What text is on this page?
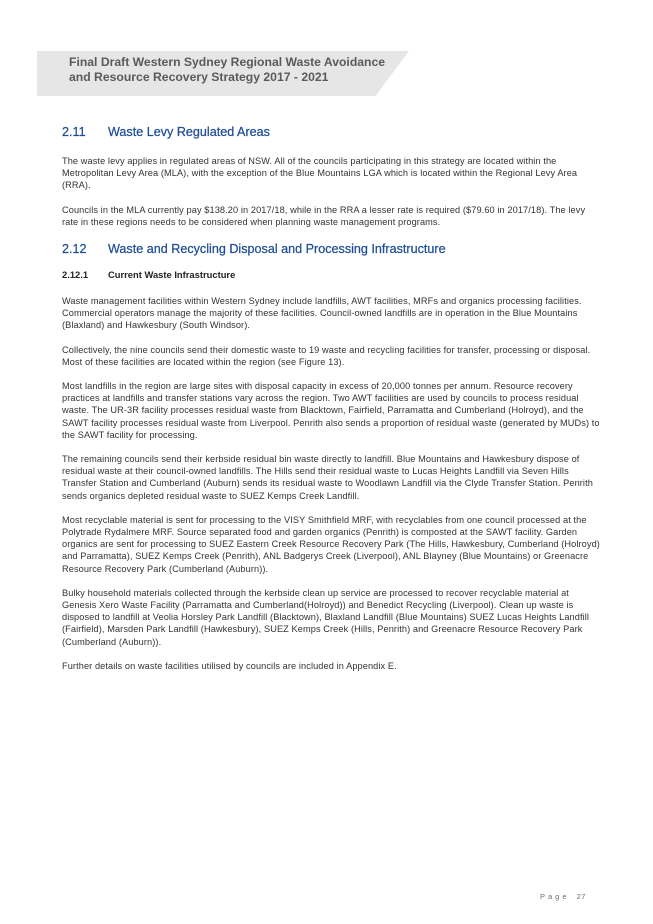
Final Draft Western Sydney Regional Waste Avoidance
and Resource Recovery Strategy 2017 - 2021
2.11 Waste Levy Regulated Areas

The waste levy applies in regulated areas of NSW. All of the councils participating in this strategy are located within the Metropolitan Levy Area (MLA), with the exception of the Blue Mountains LGA which is located within the Regional Levy Area (RRA).

Councils in the MLA currently pay $138.20 in 2017/18, while in the RRA a lesser rate is required ($79.60 in 2017/18). The levy rate in these regions needs to be considered when planning waste management programs.

2.12 Waste and Recycling Disposal and Processing Infrastructure
2.12.1 Current Waste Infrastructure

Waste management facilities within Western Sydney include landfills, AWT facilities, MRFs and organics processing facilities. Commercial operators manage the majority of these facilities. Council-owned landfills are in operation in the Blue Mountains (Blaxland) and Hawkesbury (South Windsor).

Collectively, the nine councils send their domestic waste to 19 waste and recycling facilities for transfer, processing or disposal. Most of these facilities are located within the region (see Figure 13).

Most landfills in the region are large sites with disposal capacity in excess of 20,000 tonnes per annum. Resource recovery practices at landfills and transfer stations vary across the region. Two AWT facilities are used by councils to process residual waste. The UR-3R facility processes residual waste from Blacktown, Fairfield, Parramatta and Cumberland (Holroyd), and the SAWT facility processes residual waste from Liverpool. Penrith also sends a proportion of residual waste (generated by MUDs) to the SAWT facility for processing.

The remaining councils send their kerbside residual bin waste directly to landfill. Blue Mountains and Hawkesbury dispose of residual waste at their council-owned landfills. The Hills send their residual waste to Lucas Heights Landfill via Seven Hills Transfer Station and Cumberland (Auburn) sends its residual waste to Woodlawn Landfill via the Clyde Transfer Station. Penrith sends organics depleted residual waste to SUEZ Kemps Creek Landfill.

Most recyclable material is sent for processing to the VISY Smithfield MRF, with recyclables from one council processed at the Polytrade Rydalmere MRF. Source separated food and garden organics (Penrith) is composted at the SAWT facility. Garden organics are sent for processing to SUEZ Eastern Creek Resource Recovery Park (The Hills, Hawkesbury, Cumberland (Holroyd) and Parramatta), SUEZ Kemps Creek (Penrith), ANL Badgerys Creek (Liverpool), ANL Blayney (Blue Mountains) or Greenacre Resource Recovery Park (Cumberland (Auburn)).

Bulky household materials collected through the kerbside clean up service are processed to recover recyclable material at Genesis Xero Waste Facility (Parramatta and Cumberland(Holroyd)) and Benedict Recycling (Liverpool). Clean up waste is disposed to landfill at Veolia Horsley Park Landfill (Blacktown), Blaxland Landfill (Blue Mountains) SUEZ Lucas Heights Landfill (Fairfield), Marsden Park Landfill (Hawkesbury), SUEZ Kemps Creek (Hills, Penrith) and Greenacre Resource Recovery Park (Cumberland (Auburn)).

Further details on waste facilities utilised by councils are included in Appendix E.

Page 27
